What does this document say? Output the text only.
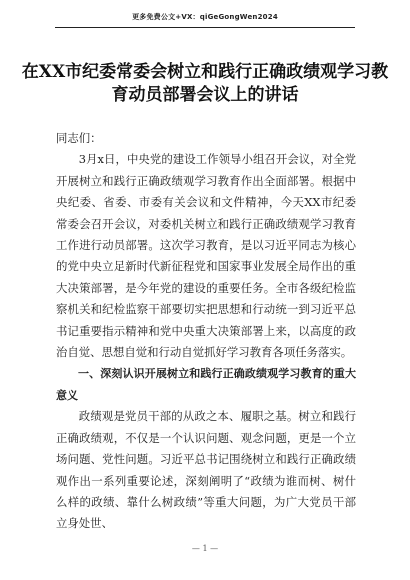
更多免费公文+VX：qiGeGongWen2024
在XX市纪委常委会树立和践行正确政绩观学习教育动员部署会议上的讲话

同志们：

3月x日，中央党的建设工作领导小组召开会议，对全党开展树立和践行正确政绩观学习教育作出全面部署。根据中央纪委、省委、市委有关会议和文件精神，今天XX市纪委常委会召开会议，对委机关树立和践行正确政绩观学习教育工作进行动员部署。这次学习教育，是以习近平同志为核心的党中央立足新时代新征程党和国家事业发展全局作出的重大决策部署，是今年党的建设的重要任务。全市各级纪检监察机关和纪检监察干部要切实把思想和行动统一到习近平总书记重要指示精神和党中央重大决策部署上来，以高度的政治自觉、思想自觉和行动自觉抓好学习教育各项任务落实。

一、深刻认识开展树立和践行正确政绩观学习教育的重大意义

政绩观是党员干部的从政之本、履职之基。树立和践行正确政绩观，不仅是一个认识问题、观念问题，更是一个立场问题、党性问题。习近平总书记围绕树立和践行正确政绩观作出一系列重要论述，深刻阐明了“政绩为谁而树、树什么样的政绩、靠什么树政绩”等重大问题，为广大党员干部立身处世、

— 1 —
